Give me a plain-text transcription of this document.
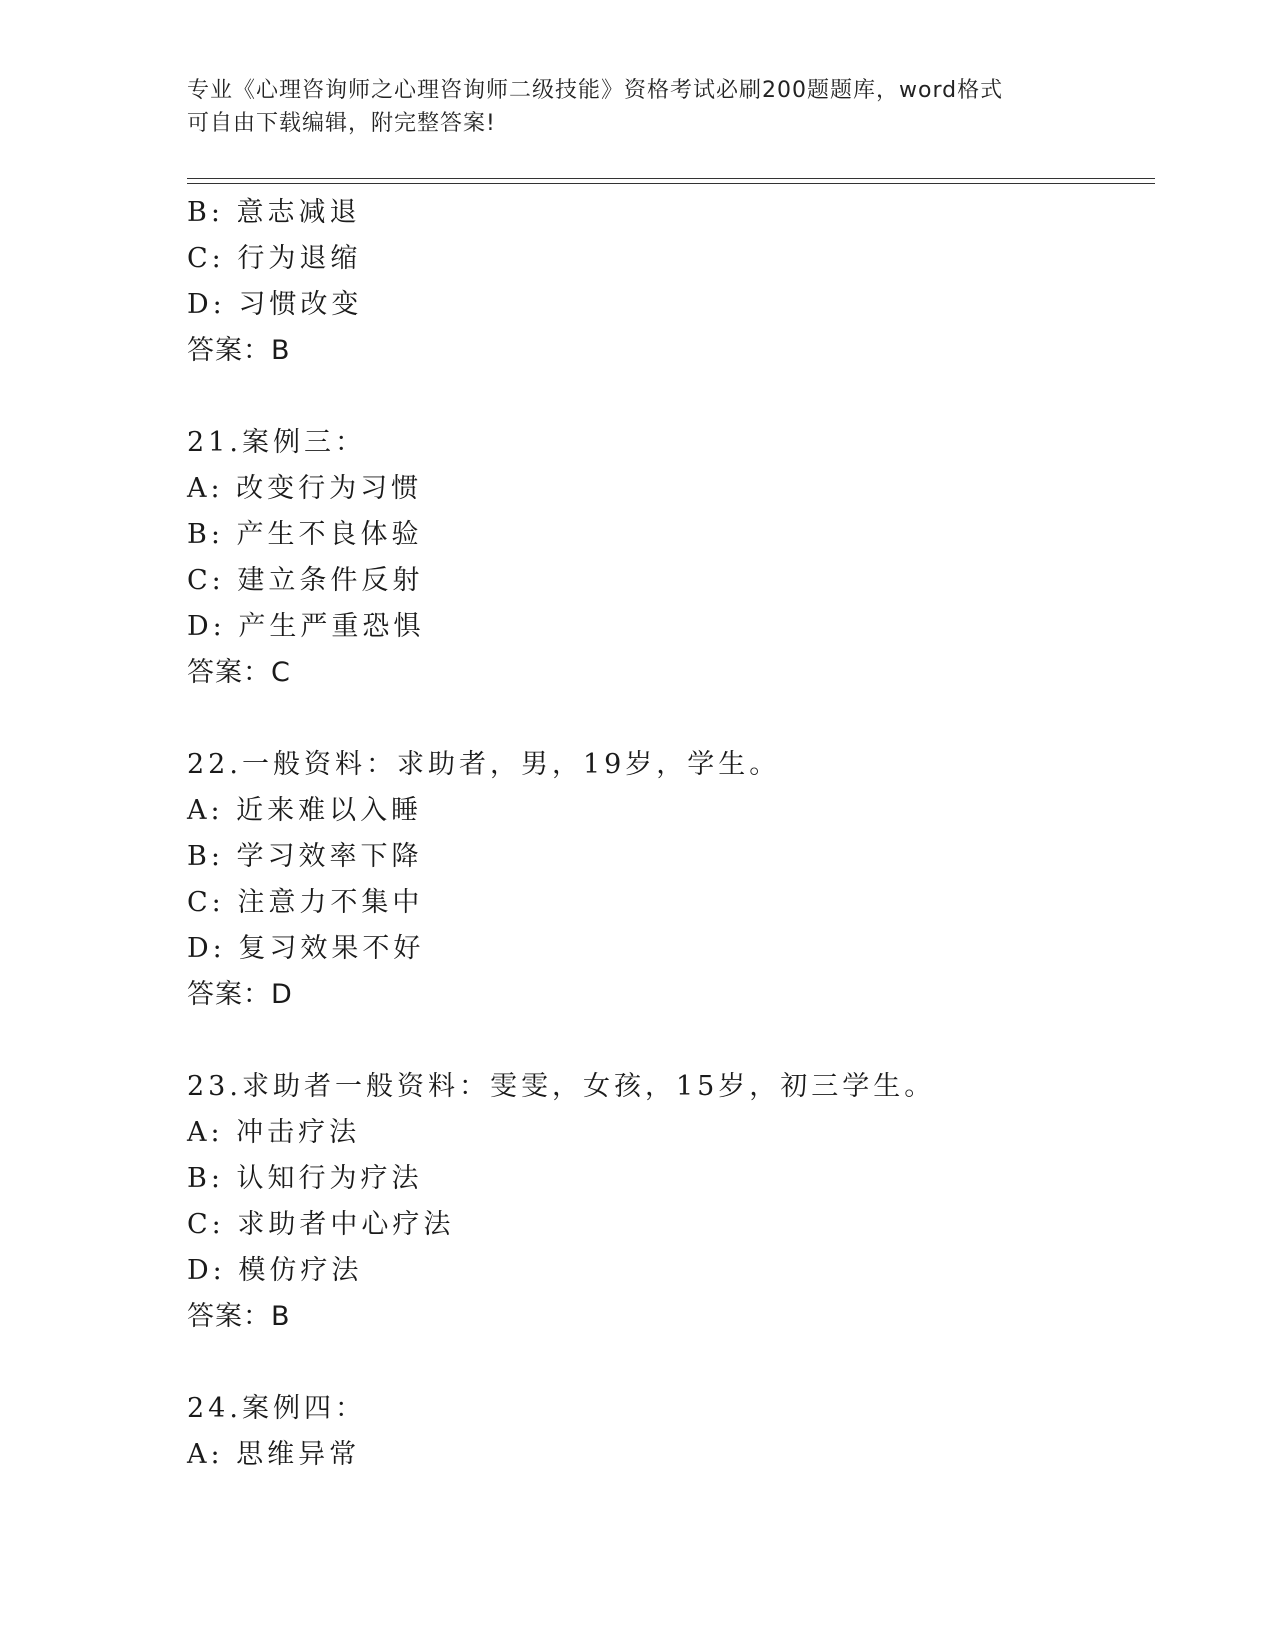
专业《心理咨询师之心理咨询师二级技能》资格考试必刷200题题库，word格式
可自由下载编辑，附完整答案!
B: 意志减退
C: 行为退缩
D: 习惯改变
答案：B
21.案例三：
A: 改变行为习惯
B: 产生不良体验
C: 建立条件反射
D: 产生严重恐惧
答案：C
22.一般资料：求助者，男，19岁，学生。
A: 近来难以入睡
B: 学习效率下降
C: 注意力不集中
D: 复习效果不好
答案：D
23.求助者一般资料：雯雯，女孩，15岁，初三学生。
A: 冲击疗法
B: 认知行为疗法
C: 求助者中心疗法
D: 模仿疗法
答案：B
24.案例四：
A: 思维异常
